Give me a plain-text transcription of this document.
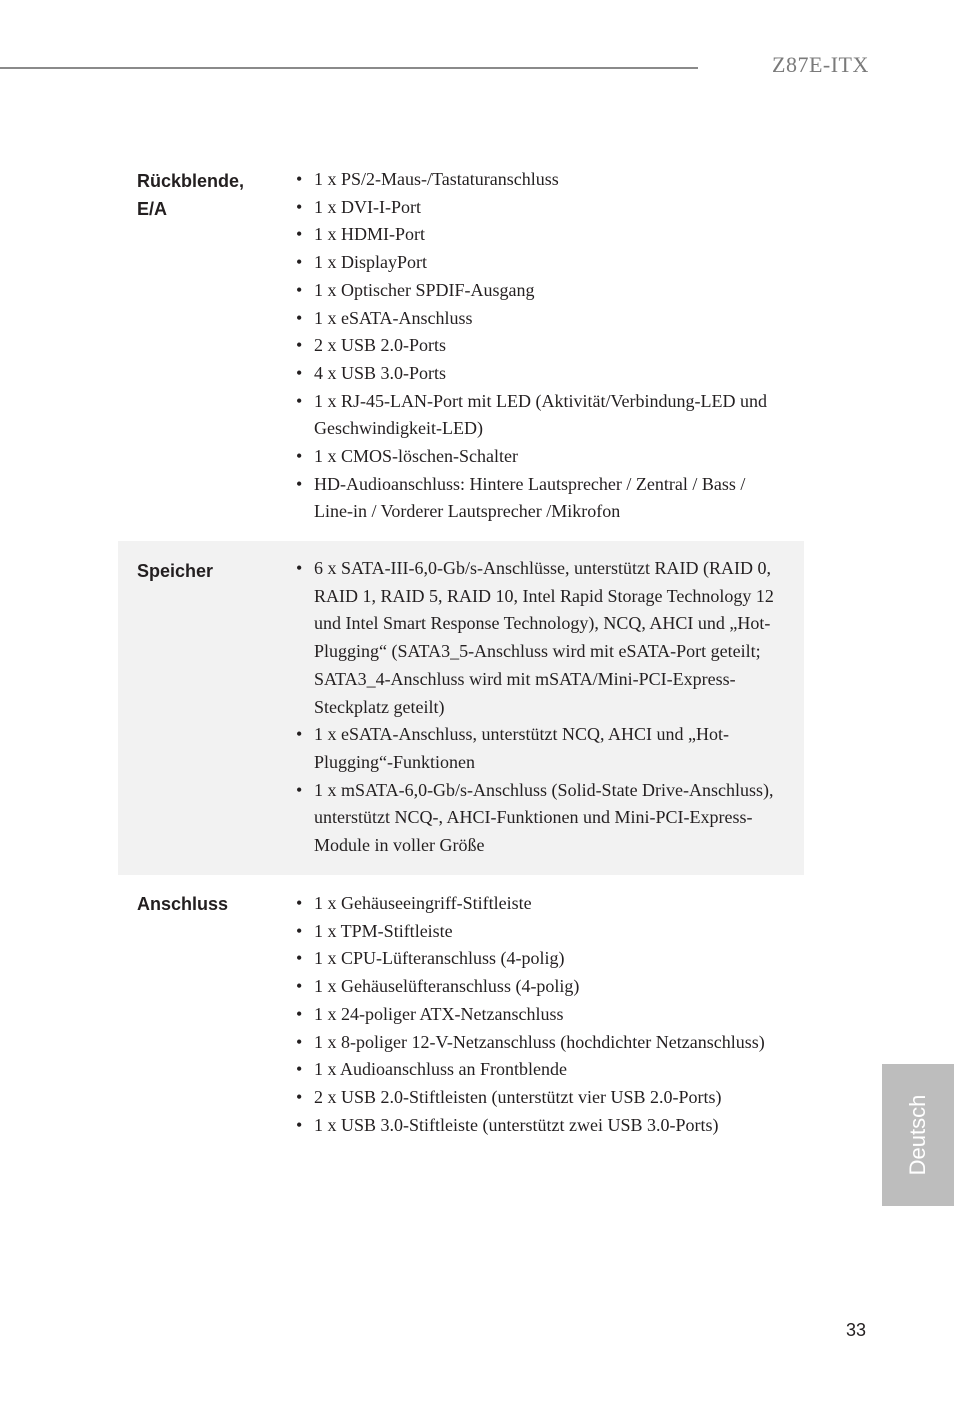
Z87E-ITX
Rückblende, E/A
• 1 x PS/2-Maus-/Tastaturanschluss
• 1 x DVI-I-Port
• 1 x HDMI-Port
• 1 x DisplayPort
• 1 x Optischer SPDIF-Ausgang
• 1 x eSATA-Anschluss
• 2 x USB 2.0-Ports
• 4 x USB 3.0-Ports
• 1 x RJ-45-LAN-Port mit LED (Aktivität/Verbindung-LED und Geschwindigkeit-LED)
• 1 x CMOS-löschen-Schalter
• HD-Audioanschluss: Hintere Lautsprecher / Zentral / Bass / Line-in / Vorderer Lautsprecher /Mikrofon
Speicher	• 6 x SATA-III-6,0-Gb/s-Anschlüsse, unterstützt RAID (RAID 0, RAID 1, RAID 5, RAID 10, Intel Rapid Storage Technology 12 und Intel Smart Response Technology), NCQ, AHCI und „Hot-Plugging“ (SATA3_5-Anschluss wird mit eSATA-Port geteilt; SATA3_4-Anschluss wird mit mSATA/Mini-PCI-Express-Steckplatz geteilt)
• 1 x eSATA-Anschluss, unterstützt NCQ, AHCI und „Hot-Plugging“-Funktionen
• 1 x mSATA-6,0-Gb/s-Anschluss (Solid-State Drive-Anschluss), unterstützt NCQ-, AHCI-Funktionen und Mini-PCI-Express-Module in voller Größe
Anschluss	• 1 x Gehäuseeingriff-Stiftleiste
• 1 x TPM-Stiftleiste
• 1 x CPU-Lüfteranschluss (4-polig)
• 1 x Gehäuselüfteranschluss (4-polig)
• 1 x 24-poliger ATX-Netzanschluss
• 1 x 8-poliger 12-V-Netzanschluss (hochdichter Netzanschluss)
• 1 x Audioanschluss an Frontblende
• 2 x USB 2.0-Stiftleisten (unterstützt vier USB 2.0-Ports)
• 1 x USB 3.0-Stiftleiste (unterstützt zwei USB 3.0-Ports)	Deutsch
33
